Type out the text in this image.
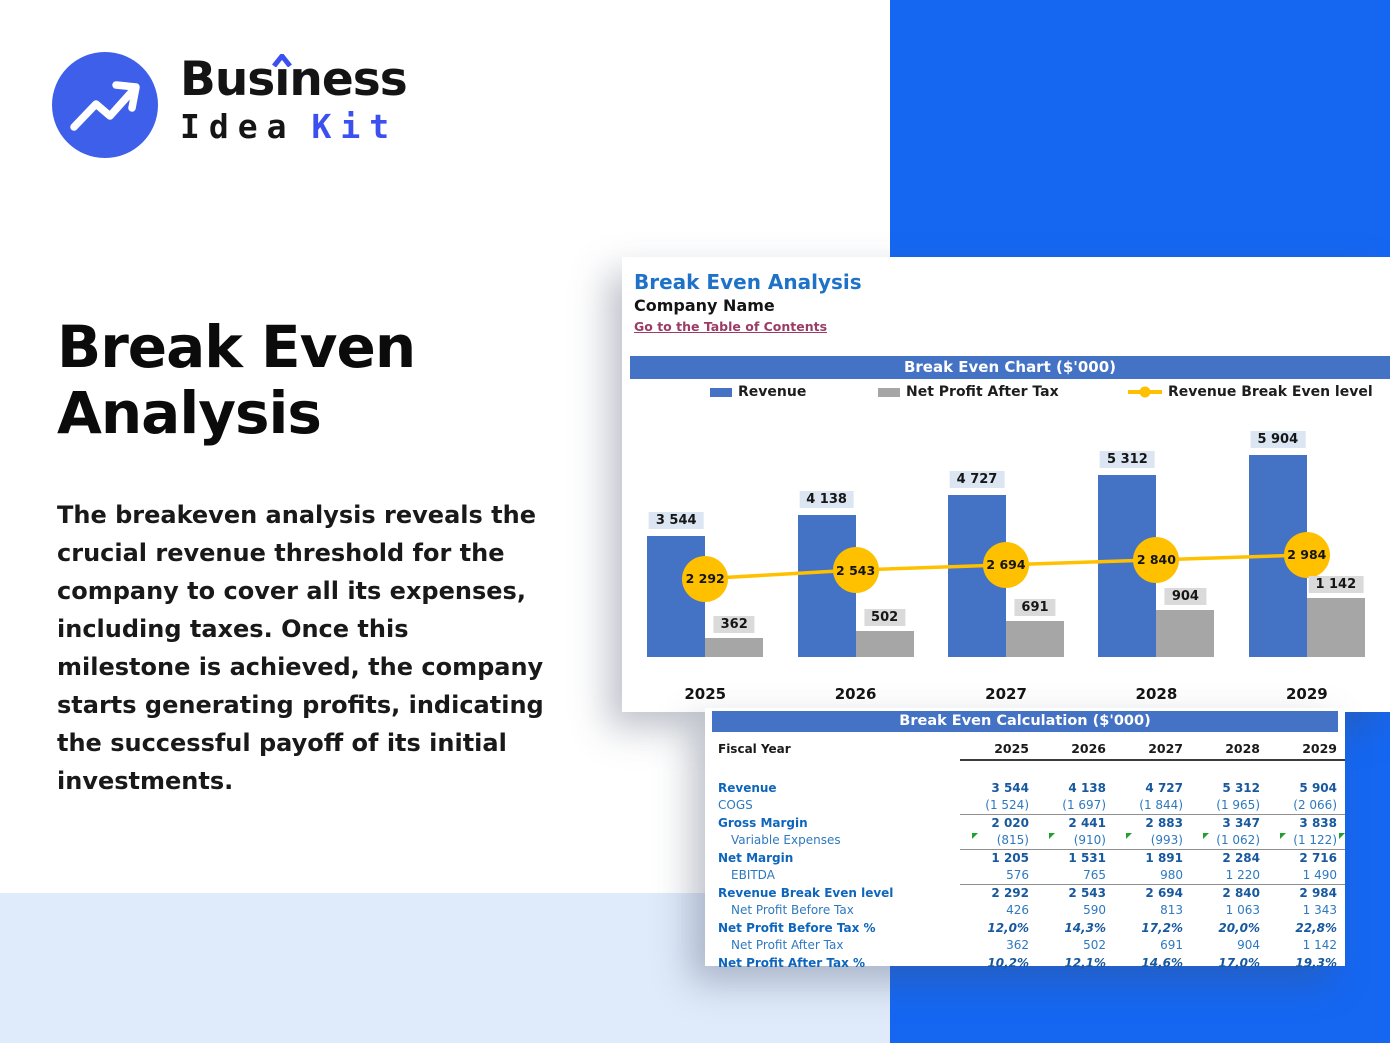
Busı
ness
Idea Kit
Break Even
Analysis
The breakeven analysis reveals the crucial revenue threshold for the company to cover all its expenses, including taxes. Once this milestone is achieved, the company starts generating profits, indicating the successful payoff of its initial investments.
Break Even Analysis
Company Name
Go to the Table of Contents
Break Even Chart ($'000)
Revenue	Net Profit After Tax	Revenue Break Even level
2 292
3 544
362
2 543
4 138
502
2 694
4 727
691
2 840
5 312
904
2 984
5 904
1 142
2025	2026	2027	2028	2029
Break Even Calculation ($'000)
Fiscal Year	2025	2026	2027	2028	2029
Revenue	3 544	4 138	4 727	5 312	5 904
COGS	(1 524)	(1 697)	(1 844)	(1 965)	(2 066)
Gross Margin	2 020	2 441	2 883	3 347	3 838
Variable Expenses	(815)	(910)	(993)	(1 062)	(1 122)
Net Margin	1 205	1 531	1 891	2 284	2 716
EBITDA	576	765	980	1 220	1 490
Revenue Break Even level	2 292	2 543	2 694	2 840	2 984
Net Profit Before Tax	426	590	813	1 063	1 343
Net Profit Before Tax %	12,0%	14,3%	17,2%	20,0%	22,8%
Net Profit After Tax	362	502	691	904	1 142
Net Profit After Tax %	10,2%	12,1%	14,6%	17,0%	19,3%
